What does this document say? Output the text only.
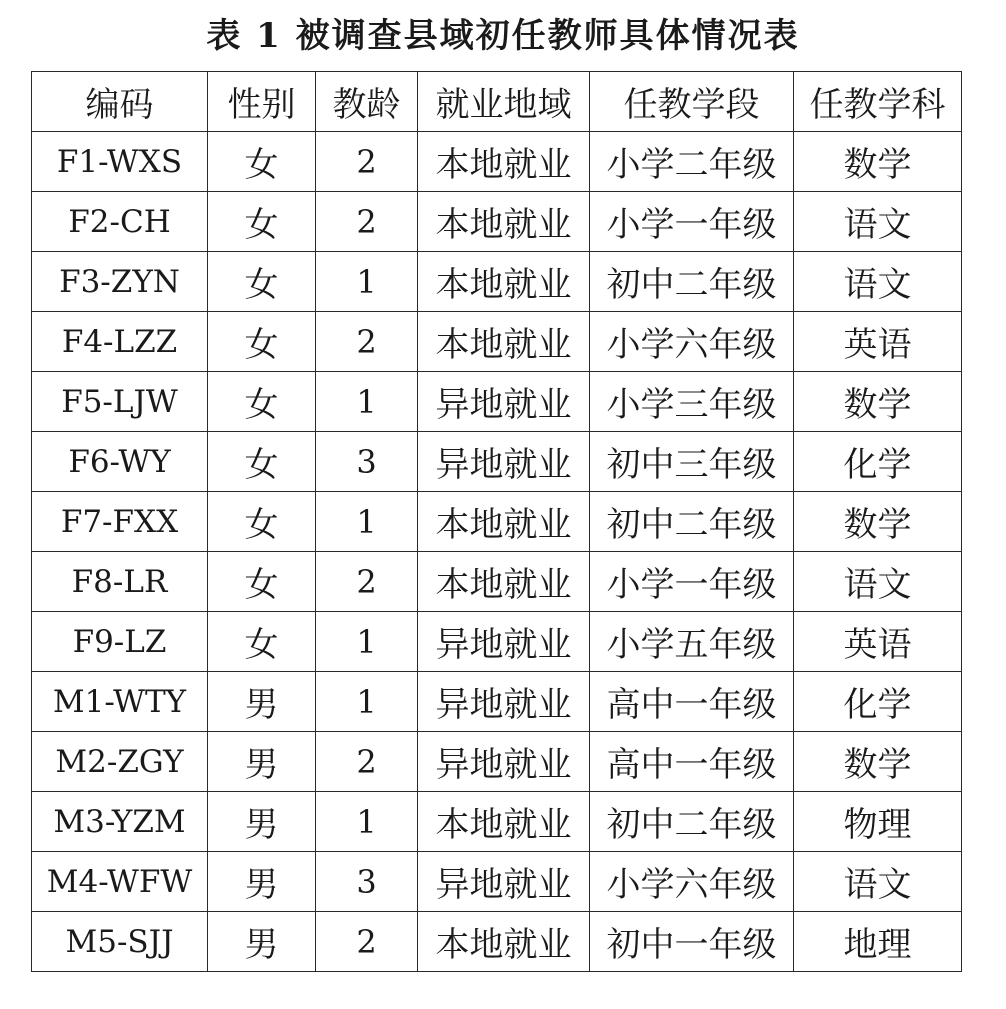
表 1 被调查县域初任教师具体情况表
编码	性别	教龄	就业地域	任教学段	任教学科
F1-WXS	女	2	本地就业	小学二年级	数学
F2-CH	女	2	本地就业	小学一年级	语文
F3-ZYN	女	1	本地就业	初中二年级	语文
F4-LZZ	女	2	本地就业	小学六年级	英语
F5-LJW	女	1	异地就业	小学三年级	数学
F6-WY	女	3	异地就业	初中三年级	化学
F7-FXX	女	1	本地就业	初中二年级	数学
F8-LR	女	2	本地就业	小学一年级	语文
F9-LZ	女	1	异地就业	小学五年级	英语
M1-WTY	男	1	异地就业	高中一年级	化学
M2-ZGY	男	2	异地就业	高中一年级	数学
M3-YZM	男	1	本地就业	初中二年级	物理
M4-WFW	男	3	异地就业	小学六年级	语文
M5-SJJ	男	2	本地就业	初中一年级	地理
